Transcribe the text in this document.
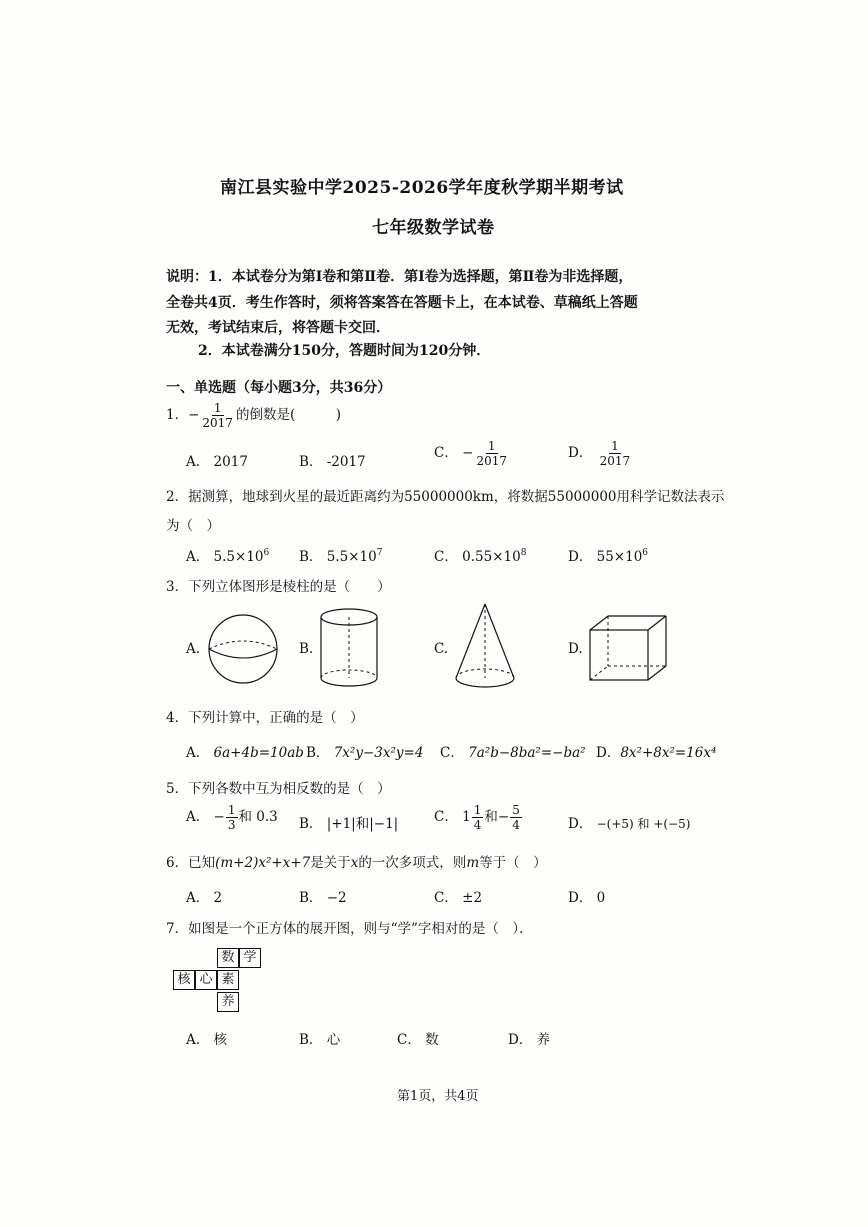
南江县实验中学2025-2026学年度秋学期半期考试
七年级数学试卷
说明：1．本试卷分为第Ⅰ卷和第Ⅱ卷．第Ⅰ卷为选择题，第Ⅱ卷为非选择题，
全卷共4页．考生作答时，须将答案答在答题卡上，在本试卷、草稿纸上答题
无效，考试结束后，将答题卡交回．
2．本试卷满分150分，答题时间为120分钟．
一、单选题（每小题3分，共36分）
1．− $\frac{1}{2017}$ 的倒数是(　　　)
A． 2017	B． -2017
C． − $\frac{1}{2017}$	D． $\frac{1}{2017}$
2．据测算，地球到火星的最近距离约为55000000km，将数据55000000用科学记数法表示
为（　）
A． $5.5\times 10^6$ B． $5.5\times 10^7$	C． $0.55\times 10^8$	D． $55\times 10^6$
3．下列立体图形是棱柱的是（　　）
A.	B.	C.	D.
4．下列计算中，正确的是（　）
A． 6a+4b=10ab B． 7x²y−3x²y=4 C． 7a²b−8ba²=−ba² D．8x²+8x²=16x⁴
5．下列各数中互为相反数的是（　）
A． − $\frac{1}{3}$ 和 0.3 B． |+1|和|−1|	C． $1 \frac{1}{4}$ 和− $\frac{5}{4}$	D． −(+5) 和 +(−5)
6．已知(m+2)x²+x+7是关于x的一次多项式，则m等于（　）
A． 2	B． −2	C． ±2	D． 0
7．如图是一个正方体的展开图，则与“学”字相对的是（　）．
数 学
核 心 素
养
A． 核	B． 心	C． 数	D． 养
第1页，共4页
